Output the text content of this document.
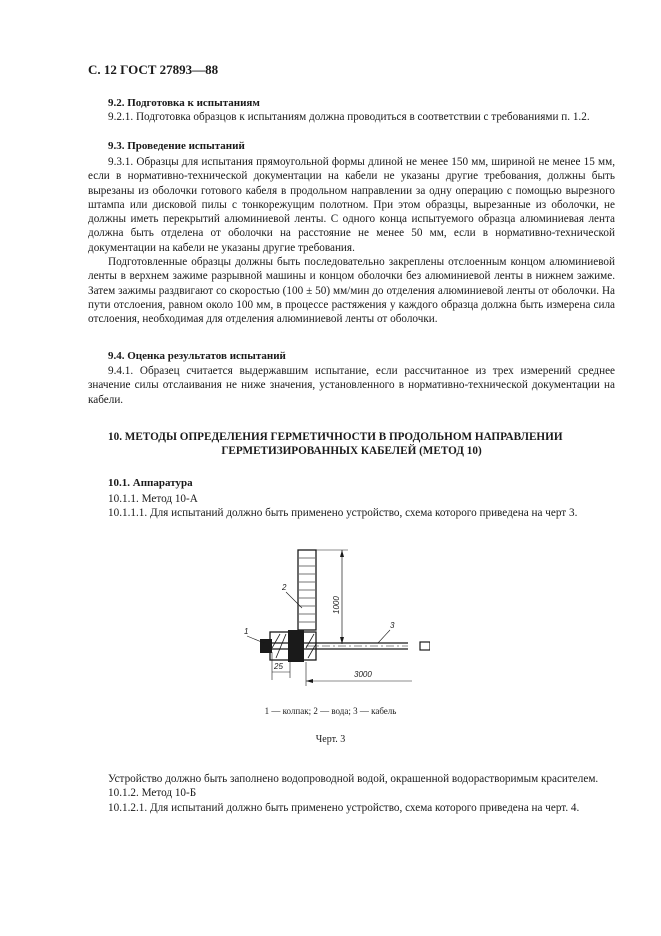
С. 12 ГОСТ 27893—88
9.2. Подготовка к испытаниям

9.2.1. Подготовка образцов к испытаниям должна проводиться в соответствии с требованиями п. 1.2.

9.3. Проведение испытаний

9.3.1. Образцы для испытания прямоугольной формы длиной не менее 150 мм, шириной не менее 15 мм, если в нормативно-технической документации на кабели не указаны другие требования, должны быть вырезаны из оболочки готового кабеля в продольном направлении за одну операцию с помощью вырезного штампа или дисковой пилы с тонкорежущим полотном. При этом образцы, вырезанные из оболочки, не должны иметь перекрытий алюминиевой ленты. С одного конца испытуемого образца алюминиевая лента должна быть отделена от оболочки на расстояние не менее 50 мм, если в нормативно-технической документации на кабели не указаны другие требования.

Подготовленные образцы должны быть последовательно закреплены отслоенным концом алюминиевой ленты в верхнем зажиме разрывной машины и концом оболочки без алюминиевой ленты в нижнем зажиме. Затем зажимы раздвигают со скоростью (100 ± 50) мм/мин до отделения алюминиевой ленты от оболочки. На пути отслоения, равном около 100 мм, в процессе растяжения у каждого образца должна быть измерена сила отслоения, необходимая для отделения алюминиевой ленты от оболочки.

9.4. Оценка результатов испытаний

9.4.1. Образец считается выдержавшим испытание, если рассчитанное из трех измерений среднее значение силы отслаивания не ниже значения, установленного в нормативно-технической документации на кабели.

10. МЕТОДЫ ОПРЕДЕЛЕНИЯ ГЕРМЕТИЧНОСТИ В ПРОДОЛЬНОМ НАПРАВЛЕНИИ
ГЕРМЕТИЗИРОВАННЫХ КАБЕЛЕЙ (МЕТОД 10)
10.1. Аппаратура

10.1.1. Метод 10-А

10.1.1.1. Для испытаний должно быть применено устройство, схема которого приведена на черт 3.

1000
1
2
3
25
3000
1 — колпак; 2 — вода; 3 — кабель
Черт. 3

Устройство должно быть заполнено водопроводной водой, окрашенной водорастворимым красителем.

10.1.2. Метод 10-Б

10.1.2.1. Для испытаний должно быть применено устройство, схема которого приведена на черт. 4.
